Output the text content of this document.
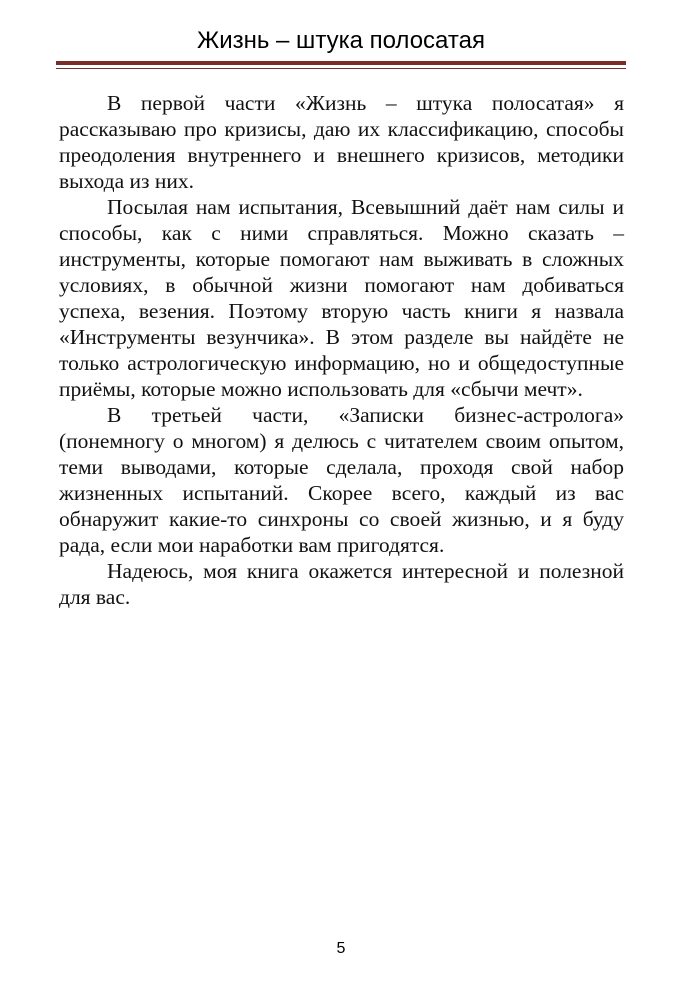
Жизнь – штука полосатая

В первой части «Жизнь – штука полосатая» я рассказываю про кризисы, даю их классификацию, способы преодоления внутреннего и внешнего кризисов, методики выхода из них.

Посылая нам испытания, Всевышний даёт нам силы и способы, как с ними справляться. Можно сказать – инструменты, которые помогают нам выживать в сложных условиях, в обычной жизни помогают нам добиваться успеха, везения. Поэтому вторую часть книги я назвала «Инструменты везунчика». В этом разделе вы найдёте не только астрологическую информацию, но и общедоступные приёмы, которые можно использовать для «сбычи мечт».

В третьей части, «Записки бизнес-астролога» (понемногу о многом) я делюсь с читателем своим опытом, теми выводами, которые сделала, проходя свой набор жизненных испытаний. Скорее всего, каждый из вас обнаружит какие-то синхроны со своей жизнью, и я буду рада, если мои наработки вам пригодятся.

Надеюсь, моя книга окажется интересной и полезной для вас.

5
